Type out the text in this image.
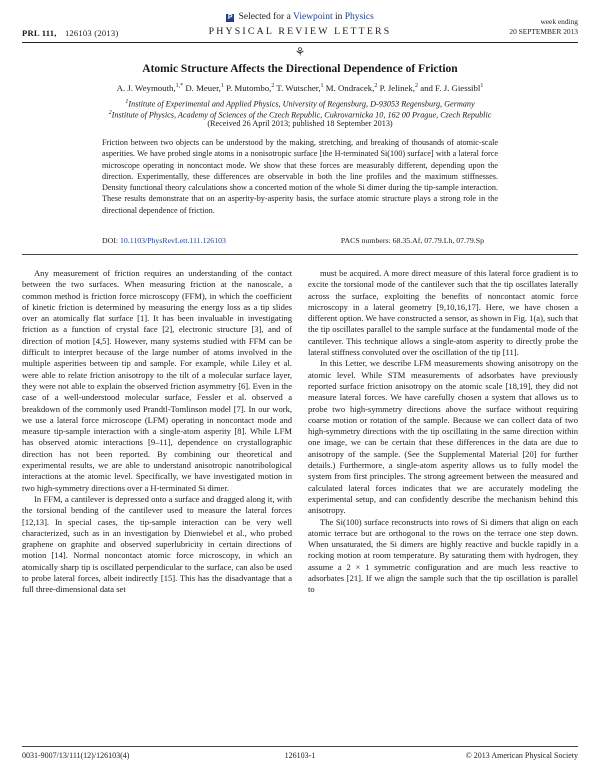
PRL 111, 126103 (2013)
P Selected for a Viewpoint in Physics
PHYSICAL REVIEW LETTERS
week ending
20 SEPTEMBER 2013
⚘
Atomic Structure Affects the Directional Dependence of Friction
A. J. Weymouth,$^{1,*}$ D. Meuer,$^1$ P. Mutombo,$^2$ T. Wutscher,$^1$ M. Ondracek,$^2$ P. Jelinek,$^2$ and F. J. Giessibl$^1$
$^1$Institute of Experimental and Applied Physics, University of Regensburg, D-93053 Regensburg, Germany
$^2$Institute of Physics, Academy of Sciences of the Czech Republic, Cukrovarnicka 10, 162 00 Prague, Czech Republic
(Received 26 April 2013; published 18 September 2013)
Friction between two objects can be understood by the making, stretching, and breaking of thousands of atomic-scale asperities. We have probed single atoms in a nonisotropic surface [the H-terminated Si(100) surface] with a lateral force microscope operating in noncontact mode. We show that these forces are measurably different, depending upon the direction. Experimentally, these differences are observable in both the line profiles and the maximum stiffnesses. Density functional theory calculations show a concerted motion of the whole Si dimer during the tip-sample interaction. These results demonstrate that on an asperity-by-asperity basis, the surface atomic structure plays a strong role in the directional dependence of friction.
DOI: 10.1103/PhysRevLett.111.126103	PACS numbers: 68.35.Af, 07.79.Lh, 07.79.Sp

Any measurement of friction requires an understanding of the contact between the two surfaces. When measuring friction at the nanoscale, a common method is friction force microscopy (FFM), in which the coefficient of kinetic friction is determined by measuring the energy loss as a tip slides over an atomically flat surface [1]. It has been invaluable in investigating friction as a function of crystal face [2], electronic structure [3], and of direction of motion [4,5]. However, many systems studied with FFM can be difficult to interpret because of the large number of atoms involved in the multiple asperities between tip and sample. For example, while Liley et al. were able to relate friction anisotropy to the tilt of a molecular surface layer, they were not able to explain the observed friction asymmetry [6]. Even in the case of a well-understood molecular surface, Fessler et al. observed a breakdown of the commonly used Prandtl-Tomlinson model [7]. In our work, we use a lateral force microscope (LFM) operating in noncontact mode and measure tip-sample interaction with a single-atom asperity [8]. While LFM has observed atomic interactions [9–11], dependence on crystallographic direction has not been reported. By combining our theoretical and experimental results, we are able to understand anisotropic nanotribological interactions at the atomic level. Specifically, we have investigated motion in two high-symmetry directions over a H-terminated Si dimer.

In FFM, a cantilever is depressed onto a surface and dragged along it, with the torsional bending of the cantilever used to measure the lateral forces [12,13]. In special cases, the tip-sample interaction can be very well characterized, such as in an investigation by Dienwiebel et al., who probed graphene on graphite and observed superlubricity in certain directions of motion [14]. Normal noncontact atomic force microscopy, in which an atomically sharp tip is oscillated perpendicular to the surface, can also be used to probe lateral forces, albeit indirectly [15]. This has the disadvantage that a full three-dimensional data set

must be acquired. A more direct measure of this lateral force gradient is to excite the torsional mode of the cantilever such that the tip oscillates laterally across the surface, exploiting the benefits of noncontact atomic force microscopy in a lateral geometry [9,10,16,17]. Here, we have chosen a different option. We have constructed a sensor, as shown in Fig. 1(a), such that the tip oscillates parallel to the sample surface at the fundamental mode of the cantilever. This technique allows a single-atom asperity to directly probe the lateral stiffness convoluted over the oscillation of the tip [11].

In this Letter, we describe LFM measurements showing anisotropy on the atomic level. While STM measurements of adsorbates have previously reported surface friction anisotropy on the atomic scale [18,19], they did not measure lateral forces. We have carefully chosen a system that allows us to probe two high-symmetry directions above the surface without requiring coarse motion or rotation of the sample. Because we can collect data of two high-symmetry directions with the tip oscillating in the same direction within one image, we can be certain that these differences in the data are due to anisotropy of the sample. (See the Supplemental Material [20] for further details.) Furthermore, a single-atom asperity allows us to fully model the system from first principles. The strong agreement between the measured and calculated lateral forces indicates that we are accurately modeling the experimental setup, and can confidently describe the mechanism behind this anisotropy.

The Si(100) surface reconstructs into rows of Si dimers that align on each atomic terrace but are orthogonal to the rows on the terrace one step down. When unsaturated, the Si dimers are highly reactive and buckle rapidly in a rocking motion at room temperature. By saturating them with hydrogen, they assume a 2 × 1 symmetric configuration and are much less reactive to adsorbates [21]. If we align the sample such that the tip oscillation is parallel to

0031-9007/13/111(12)/126103(4)	126103-1	© 2013 American Physical Society
